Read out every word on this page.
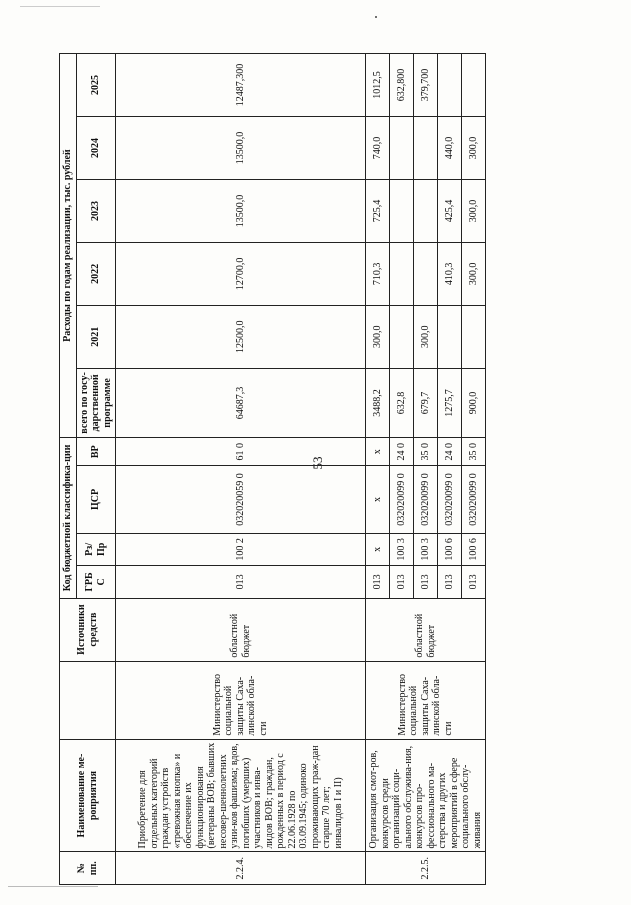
53
№ пп.	Наименование ме-роприятия		Источники средств	Код бюджетной классифика-ции				Расходы по годам реализации, тыс. рублей					
				ГРБ С	Рз/ Пр	ЦСР	ВР	всего по госу-дарственной программе	2021	2022	2023	2024	2025

2.2.4.	Приобретение для отдельных категорий граждан устройств «тревожная кнопка» и обеспечение их функционирования (ветераны ВОВ; бывших несовер-шеннолетних узни-ков фашизма; вдов, погибших (умерших) участников и инва-лидов ВОВ; граждан, рожденных в период с 22.06.1928 по 03.09.1945; одиноко проживающих граж-дан старше 70 лет; инвалидов I и II)	Министерство социальной защиты Саха-линской обла-сти	областной бюджет	013	100 2	032020059 0	61 0	64687,3	12500,0	12700,0	13500,0	13500,0	12487,300
2.2.5.	Организация смот-ров, конкурсов среди организаций соци-ального обслужива-ния, конкурсов про-фессионального ма-стерства и других мероприятий в сфере социального обслу-живания	Министерство социальной защиты Саха-линской обла-сти	областной бюджет	013	х	х	х	3488,2	300,0	710,3	725,4	740,0	1012,5
				013	100 3	032020099 0	24 0	632,8					632,800
				013	100 3	032020099 0	35 0	679,7	300,0				379,700
				013	100 6	032020099 0	24 0	1275,7		410,3	425,4	440,0	
				013	100 6	032020099 0	35 0	900,0		300,0	300,0	300,0	
